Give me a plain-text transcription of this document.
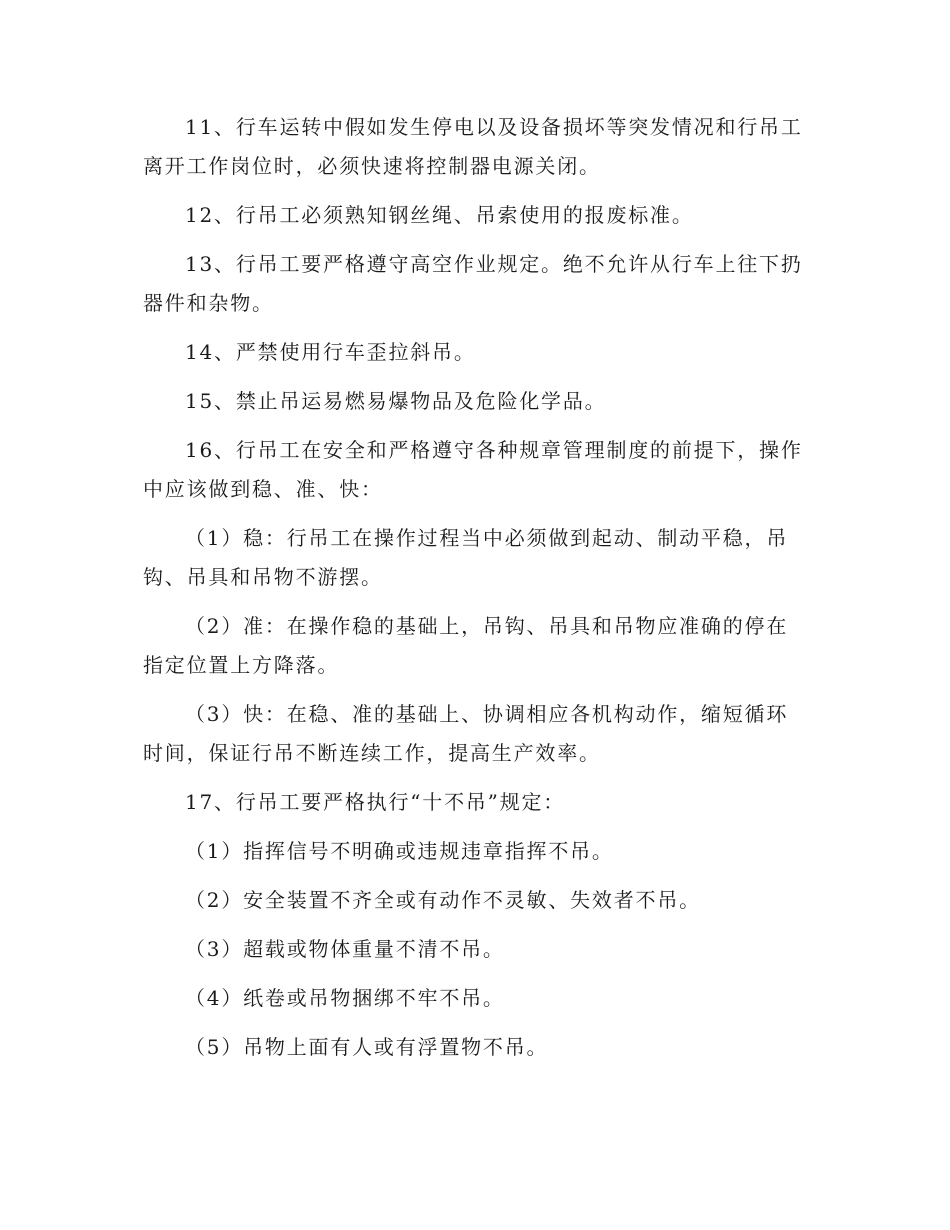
11、行车运转中假如发生停电以及设备损坏等突发情况和行吊工离开工作岗位时，必须快速将控制器电源关闭。

12、行吊工必须熟知钢丝绳、吊索使用的报废标准。

13、行吊工要严格遵守高空作业规定。绝不允许从行车上往下扔器件和杂物。

14、严禁使用行车歪拉斜吊。

15、禁止吊运易燃易爆物品及危险化学品。

16、行吊工在安全和严格遵守各种规章管理制度的前提下，操作中应该做到稳、准、快：

（1）稳：行吊工在操作过程当中必须做到起动、制动平稳，吊钩、吊具和吊物不游摆。

（2）准：在操作稳的基础上，吊钩、吊具和吊物应准确的停在指定位置上方降落。

（3）快：在稳、准的基础上、协调相应各机构动作，缩短循环时间，保证行吊不断连续工作，提高生产效率。

17、行吊工要严格执行“十不吊”规定：

（1）指挥信号不明确或违规违章指挥不吊。

（2）安全装置不齐全或有动作不灵敏、失效者不吊。

（3）超载或物体重量不清不吊。

（4）纸卷或吊物捆绑不牢不吊。

（5）吊物上面有人或有浮置物不吊。
